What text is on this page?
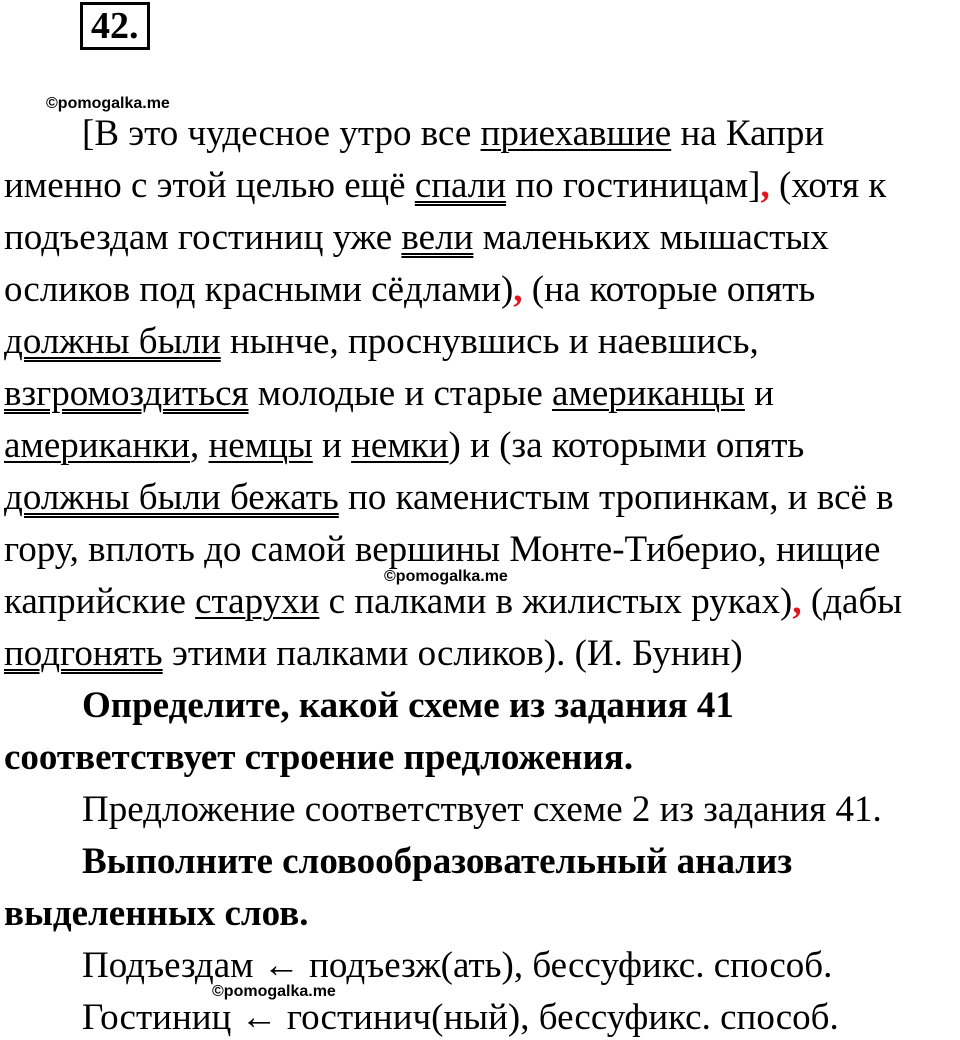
42.
©pomogalka.me
©pomogalka.me
©pomogalka.me
[В это чудесное утро все приехавшие на Капри
именно с этой целью ещё спали по гостиницам], (хотя к
подъездам гостиниц уже вели маленьких мышастых
осликов под красными сёдлами), (на которые опять
должны были нынче, проснувшись и наевшись,
взгромоздиться молодые и старые американцы и
американки, немцы и немки) и (за которыми опять
должны были бежать по каменистым тропинкам, и всё в
гору, вплоть до самой вершины Монте-Тиберио, нищие
каприйские старухи с палками в жилистых руках), (дабы
подгонять этими палками осликов). (И. Бунин)
Определите, какой схеме из задания 41
соответствует строение предложения.
Предложение соответствует схеме 2 из задания 41.
Выполните словообразовательный анализ
выделенных слов.
Подъездам ← подъезж(ать), бессуфикс. способ.
Гостиниц ← гостинич(ный), бессуфикс. способ.
